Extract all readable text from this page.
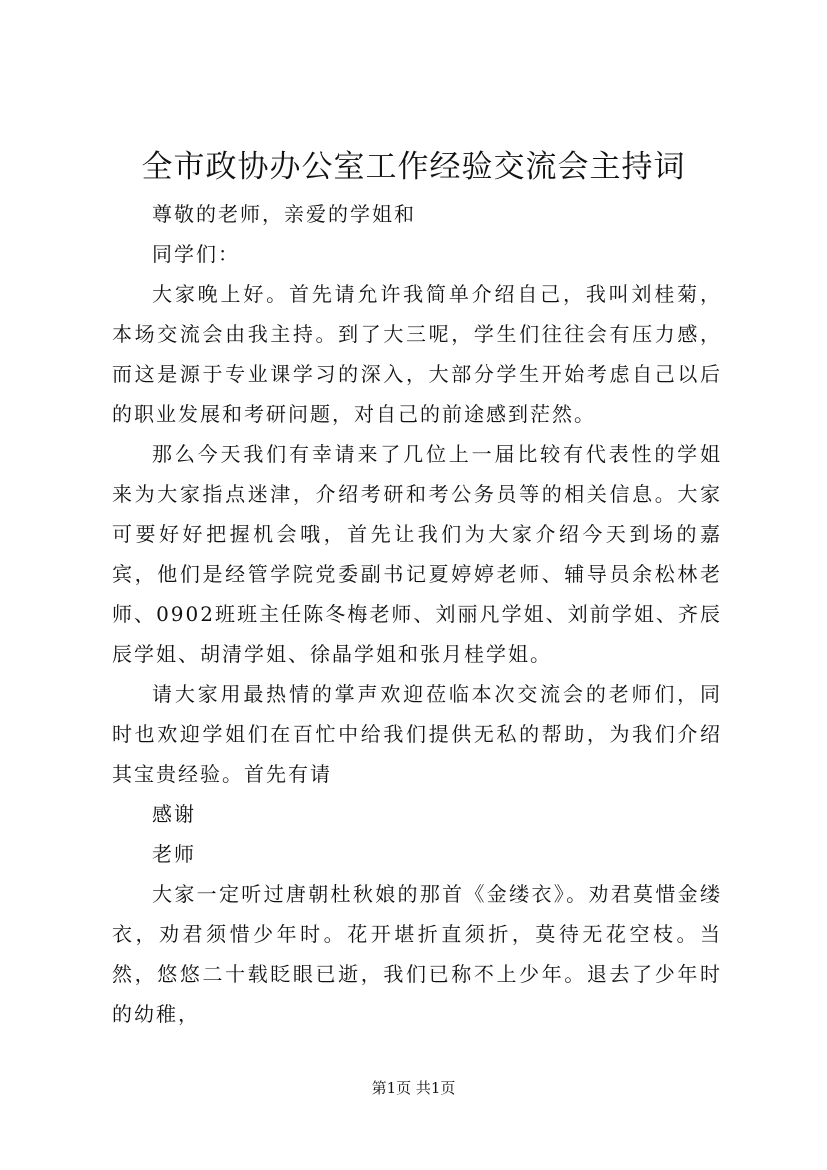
全市政协办公室工作经验交流会主持词

尊敬的老师，亲爱的学姐和

同学们：

大家晚上好。首先请允许我简单介绍自己，我叫刘桂菊，本场交流会由我主持。到了大三呢，学生们往往会有压力感，而这是源于专业课学习的深入，大部分学生开始考虑自己以后的职业发展和考研问题，对自己的前途感到茫然。

那么今天我们有幸请来了几位上一届比较有代表性的学姐来为大家指点迷津，介绍考研和考公务员等的相关信息。大家可要好好把握机会哦，首先让我们为大家介绍今天到场的嘉宾，他们是经管学院党委副书记夏婷婷老师、辅导员余松林老师、0902班班主任陈冬梅老师、刘丽凡学姐、刘前学姐、齐辰辰学姐、胡清学姐、徐晶学姐和张月桂学姐。

请大家用最热情的掌声欢迎莅临本次交流会的老师们，同时也欢迎学姐们在百忙中给我们提供无私的帮助，为我们介绍其宝贵经验。首先有请

感谢

老师

大家一定听过唐朝杜秋娘的那首《金缕衣》。劝君莫惜金缕衣，劝君须惜少年时。花开堪折直须折，莫待无花空枝。当然，悠悠二十载眨眼已逝，我们已称不上少年。退去了少年时的幼稚，

第1页 共1页
